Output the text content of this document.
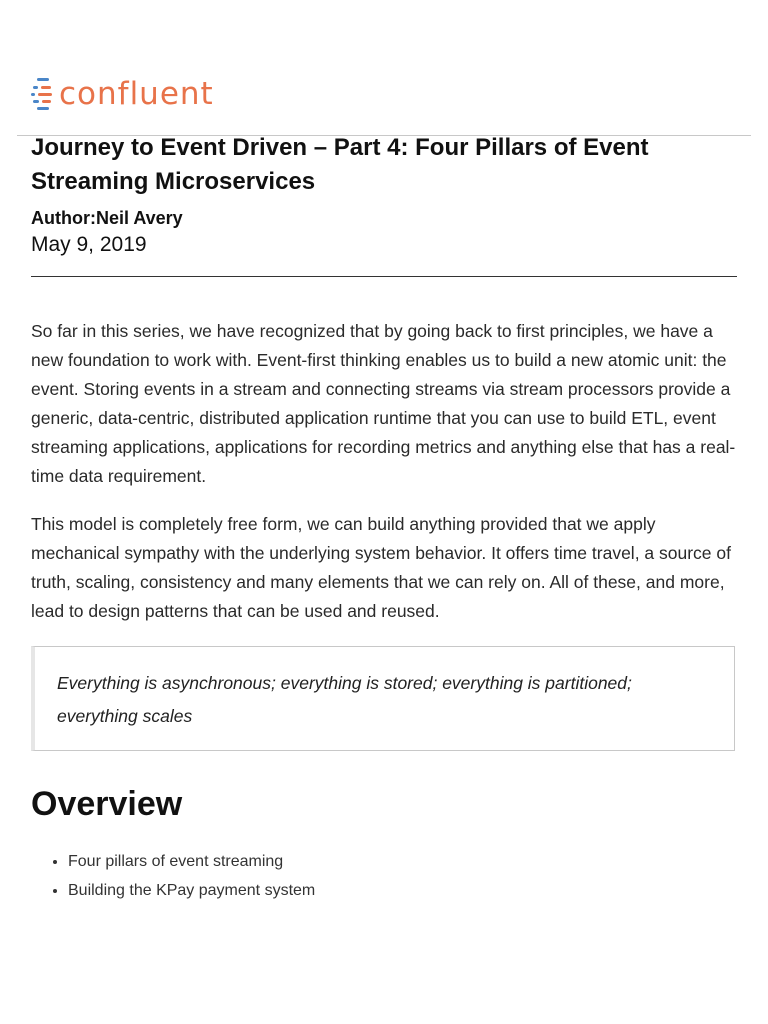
confluent
Journey to Event Driven – Part 4: Four Pillars of Event Streaming Microservices
Author:Neil Avery
May 9, 2019

So far in this series, we have recognized that by going back to first principles, we have a new foundation to work with. Event-first thinking enables us to build a new atomic unit: the event. Storing events in a stream and connecting streams via stream processors provide a generic, data-centric, distributed application runtime that you can use to build ETL, event streaming applications, applications for recording metrics and anything else that has a real-time data requirement.

This model is completely free form, we can build anything provided that we apply mechanical sympathy with the underlying system behavior. It offers time travel, a source of truth, scaling, consistency and many elements that we can rely on. All of these, and more, lead to design patterns that can be used and reused.

Everything is asynchronous; everything is stored; everything is partitioned; everything scales

Overview
• Four pillars of event streaming
• Building the KPay payment system
